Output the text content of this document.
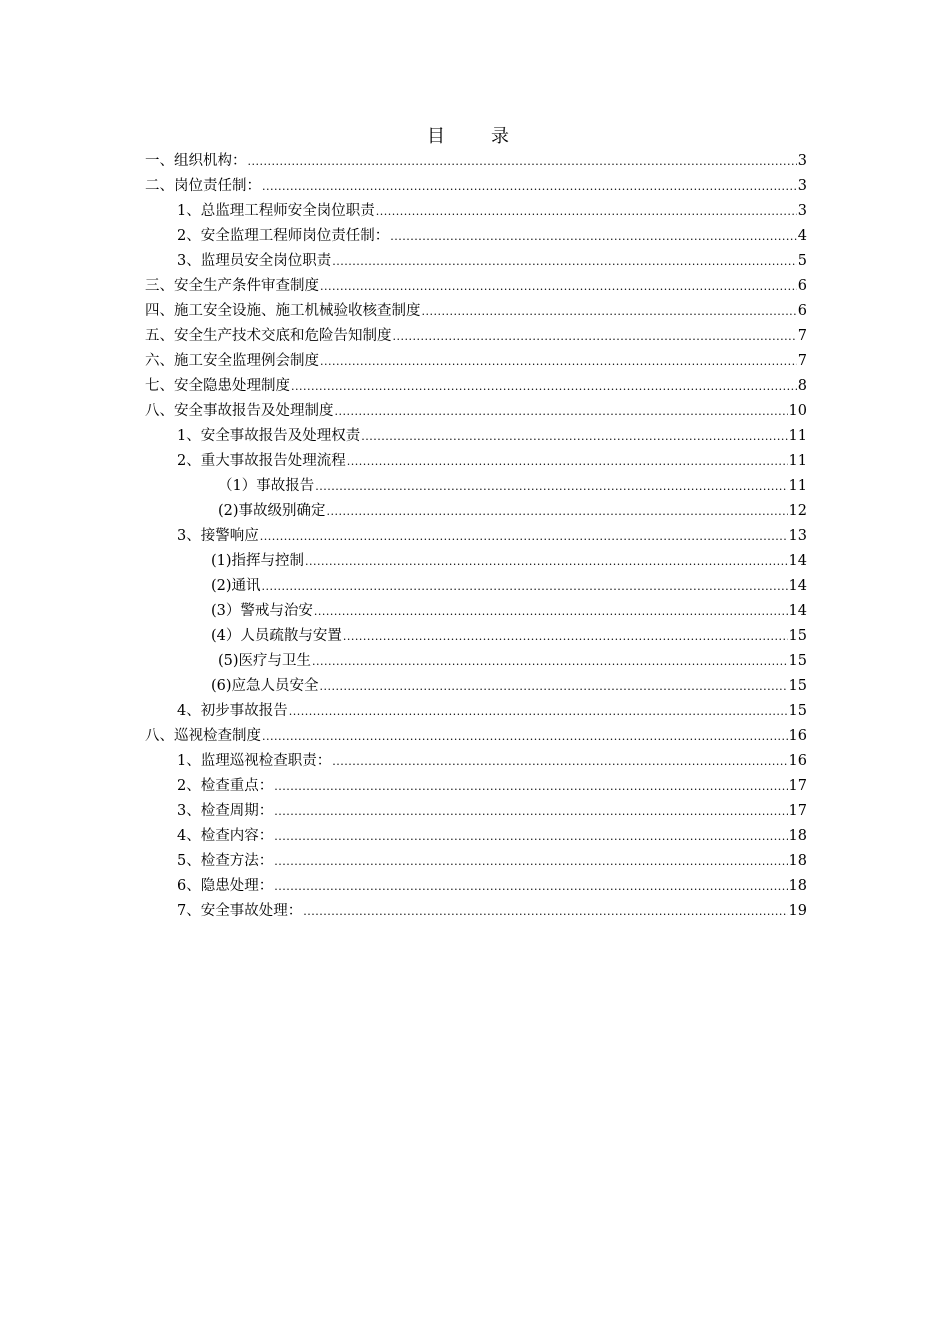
目　录
一、组织机构： .....	3
二、岗位责任制： .....	3
1、总监理工程师安全岗位职责 .....	3
2、安全监理工程师岗位责任制： .....	4
3、监理员安全岗位职责 .....	5
三、安全生产条件审查制度 .....	6
四、施工安全设施、施工机械验收核查制度 .....	6
五、安全生产技术交底和危险告知制度 .....	7
六、施工安全监理例会制度 .....	7
七、安全隐患处理制度 .....	8
八、安全事故报告及处理制度 .....	10
1、安全事故报告及处理权责 .....	11
2、重大事故报告处理流程 .....	11
（1）事故报告 .....	11
(2)事故级别确定 .....	12
3、接警响应 .....	13
(1)指挥与控制 .....	14
(2)通讯 .....	14
(3）警戒与治安 .....	14
(4）人员疏散与安置 .....	15
(5)医疗与卫生 .....	15
(6)应急人员安全 .....	15
4、初步事故报告 .....	15
八、巡视检查制度 .....	16
1、监理巡视检查职责： .....	16
2、检查重点： .....	17
3、检查周期： .....	17
4、检查内容： .....	18
5、检查方法： .....	18
6、隐患处理： .....	18
7、安全事故处理： .....	19
